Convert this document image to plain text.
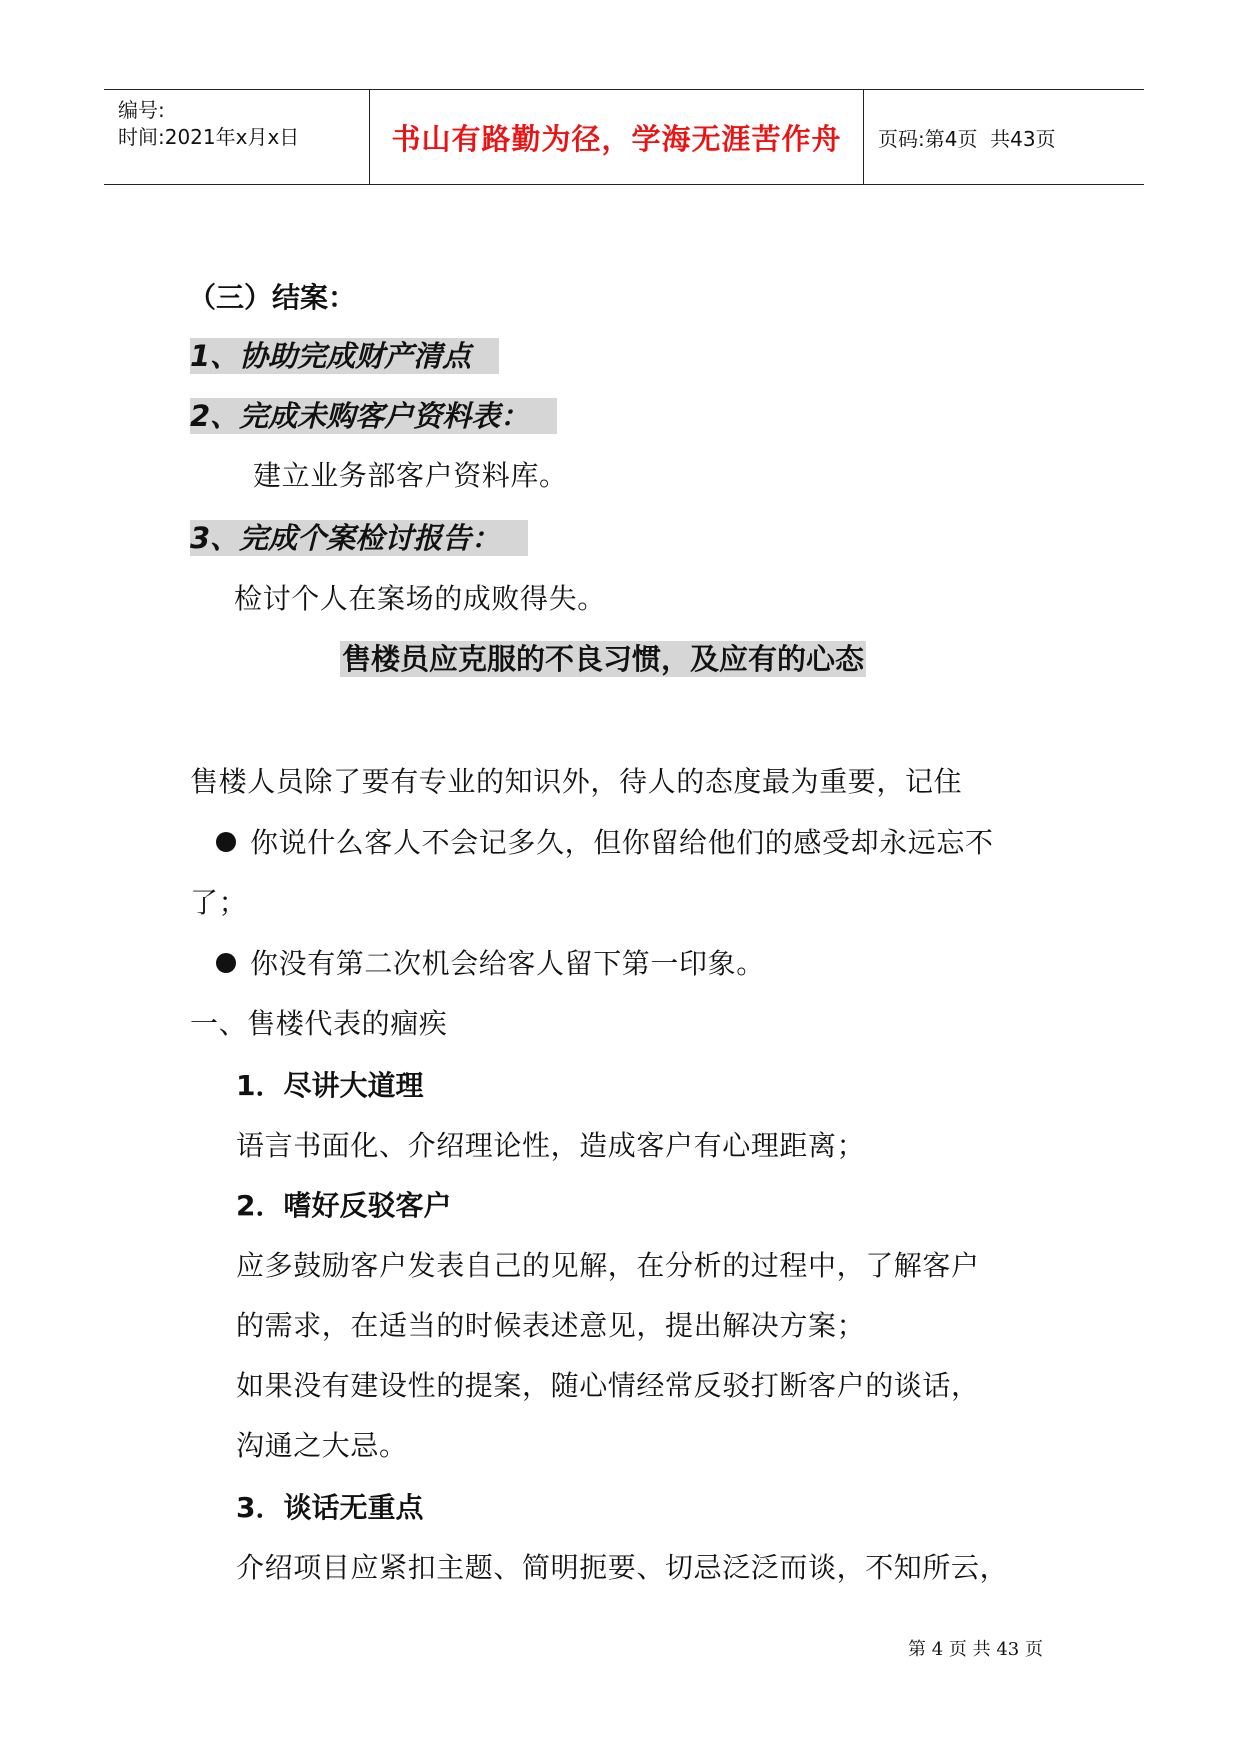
编号:
时间:2021年x月x日	书山有路勤为径，学海无涯苦作舟	页码:第4页  共43页
（三）结案：
1、协助完成财产清点
2、完成未购客户资料表：
建立业务部客户资料库。
3、完成个案检讨报告：
检讨个人在案场的成败得失。
售楼员应克服的不良习惯，及应有的心态
售楼人员除了要有专业的知识外，待人的态度最为重要，记住
你说什么客人不会记多久，但你留给他们的感受却永远忘不
了；
你没有第二次机会给客人留下第一印象。
一、售楼代表的痼疾
1．尽讲大道理
语言书面化、介绍理论性，造成客户有心理距离；
2．嗜好反驳客户
应多鼓励客户发表自己的见解，在分析的过程中，了解客户
的需求，在适当的时候表述意见，提出解决方案；
如果没有建设性的提案，随心情经常反驳打断客户的谈话，
沟通之大忌。
3．谈话无重点
介绍项目应紧扣主题、简明扼要、切忌泛泛而谈，不知所云，
第 4 页 共 43 页
